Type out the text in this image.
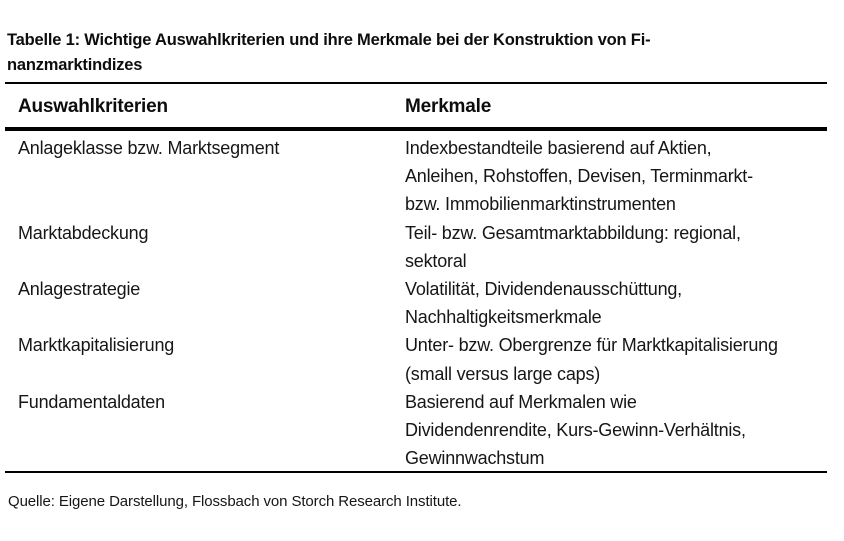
Tabelle 1: Wichtige Auswahlkriterien und ihre Merkmale bei der Konstruktion von Fi-
nanzmarktindizes
Auswahlkriterien	Merkmale
Anlageklasse bzw. Marktsegment	Indexbestandteile basierend auf Aktien,
Anleihen, Rohstoffen, Devisen, Terminmarkt-
bzw. Immobilienmarktinstrumenten
Marktabdeckung	Teil- bzw. Gesamtmarktabbildung: regional,
sektoral
Anlagestrategie	Volatilität, Dividendenausschüttung,
Nachhaltigkeitsmerkmale
Marktkapitalisierung	Unter- bzw. Obergrenze für Marktkapitalisierung
(small versus large caps)
Fundamentaldaten	Basierend auf Merkmalen wie
Dividendenrendite, Kurs-Gewinn-Verhältnis,
Gewinnwachstum
Quelle: Eigene Darstellung, Flossbach von Storch Research Institute.
